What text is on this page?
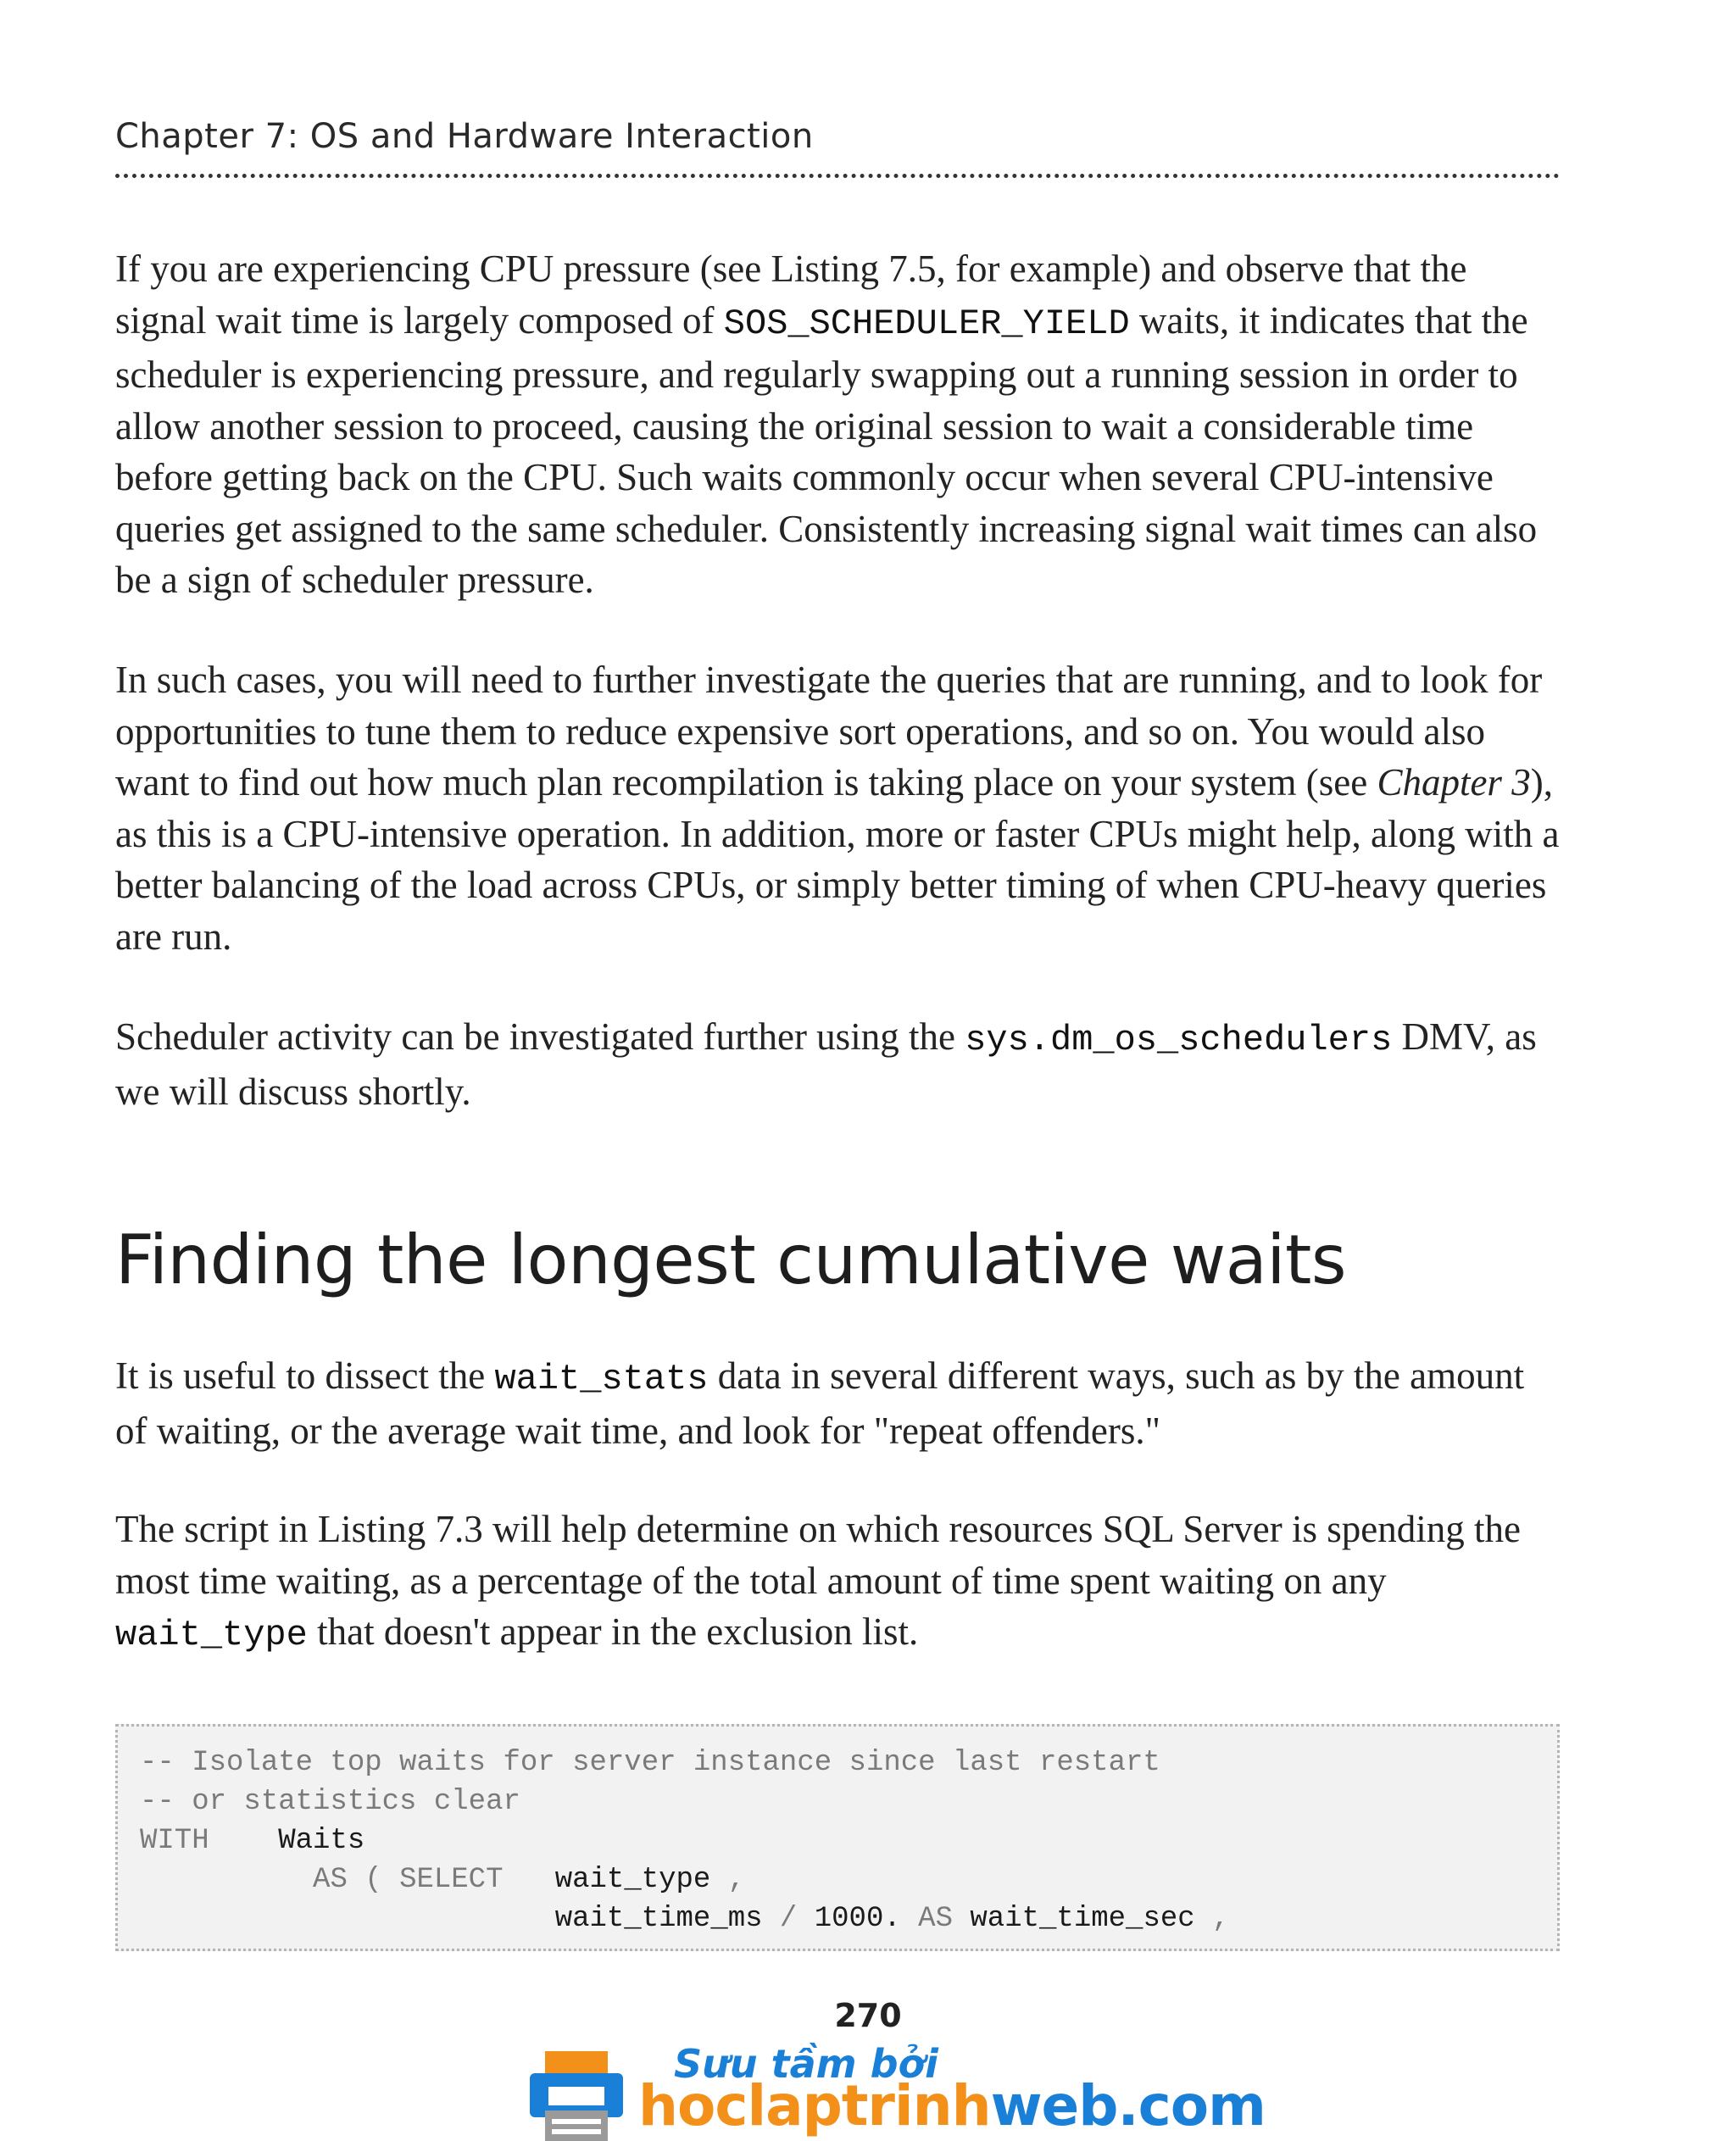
Chapter 7: OS and Hardware Interaction

If you are experiencing CPU pressure (see Listing 7.5, for example) and observe that the signal wait time is largely composed of SOS_SCHEDULER_YIELD waits, it indicates that the scheduler is experiencing pressure, and regularly swapping out a running session in order to allow another session to proceed, causing the original session to wait a considerable time before getting back on the CPU. Such waits commonly occur when several CPU-intensive queries get assigned to the same scheduler. Consistently increasing signal wait times can also be a sign of scheduler pressure.

In such cases, you will need to further investigate the queries that are running, and to look for opportunities to tune them to reduce expensive sort operations, and so on. You would also want to find out how much plan recompilation is taking place on your system (see Chapter 3), as this is a CPU-intensive operation. In addition, more or faster CPUs might help, along with a better balancing of the load across CPUs, or simply better timing of when CPU-heavy queries are run.

Scheduler activity can be investigated further using the sys.dm_os_schedulers DMV, as we will discuss shortly.

Finding the longest cumulative waits

It is useful to dissect the wait_stats data in several different ways, such as by the amount of waiting, or the average wait time, and look for "repeat offenders."

The script in Listing 7.3 will help determine on which resources SQL Server is spending the most time waiting, as a percentage of the total amount of time spent waiting on any wait_type that doesn't appear in the exclusion list.

-- Isolate top waits for server instance since last restart
-- or statistics clear
WITH Waits
AS ( SELECT wait_type ,
wait_time_ms / 1000. AS wait_time_sec ,
270
Sưu tầm bởi
hoclaptrinhweb.com
